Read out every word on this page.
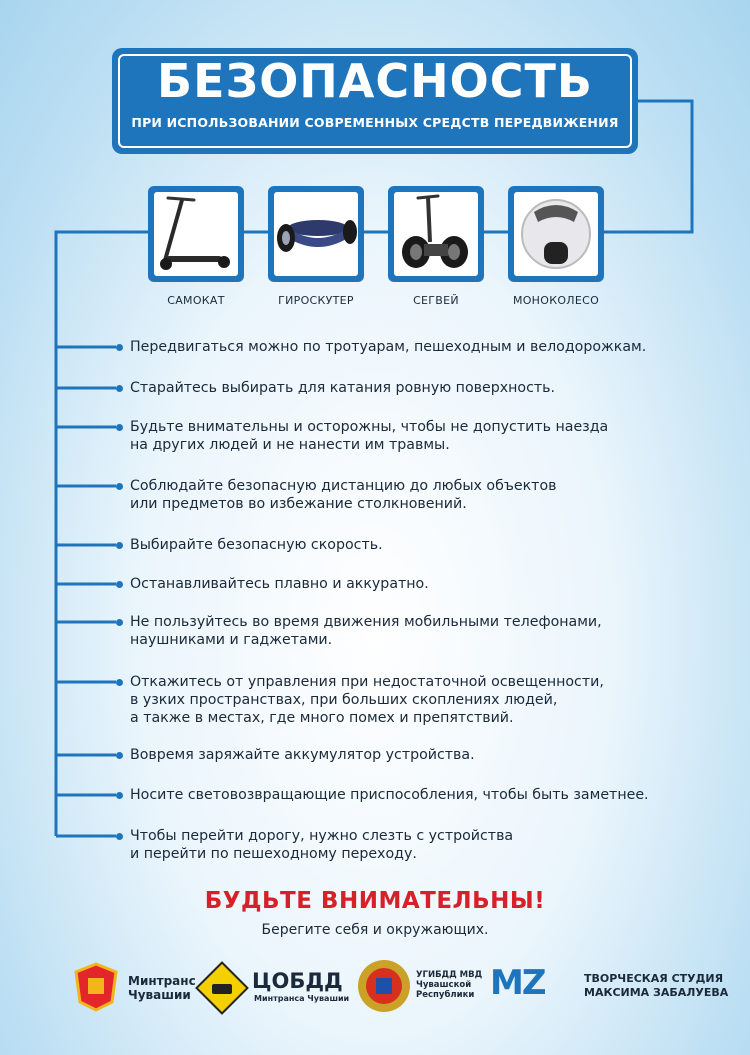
БЕЗОПАСНОСТЬ
ПРИ ИСПОЛЬЗОВАНИИ СОВРЕМЕННЫХ СРЕДСТВ ПЕРЕДВИЖЕНИЯ
САМОКАТ	ГИРОСКУТЕР	СЕГВЕЙ	МОНОКОЛЕСО
Передвигаться можно по тротуарам, пешеходным и велодорожкам.
Старайтесь выбирать для катания ровную поверхность.
Будьте внимательны и осторожны, чтобы не допустить наезда
на других людей и не нанести им травмы.
Соблюдайте безопасную дистанцию до любых объектов
или предметов во избежание столкновений.
Выбирайте безопасную скорость.
Останавливайтесь плавно и аккуратно.
Не пользуйтесь во время движения мобильными телефонами,
наушниками и гаджетами.
Откажитесь от управления при недостаточной освещенности,
в узких пространствах, при больших скоплениях людей,
а также в местах, где много помех и препятствий.
Вовремя заряжайте аккумулятор устройства.
Носите световозвращающие приспособления, чтобы быть заметнее.
Чтобы перейти дорогу, нужно слезть с устройства
и перейти по пешеходному переходу.
БУДЬТЕ ВНИМАТЕЛЬНЫ!
Берегите себя и окружающих.
Минтранс
Чувашии
ЦОБДД
Минтранса Чувашии
УГИБДД МВД
Чувашской
Республики MZ	ТВОРЧЕСКАЯ СТУДИЯ
МАКСИМА ЗАБАЛУЕВА
